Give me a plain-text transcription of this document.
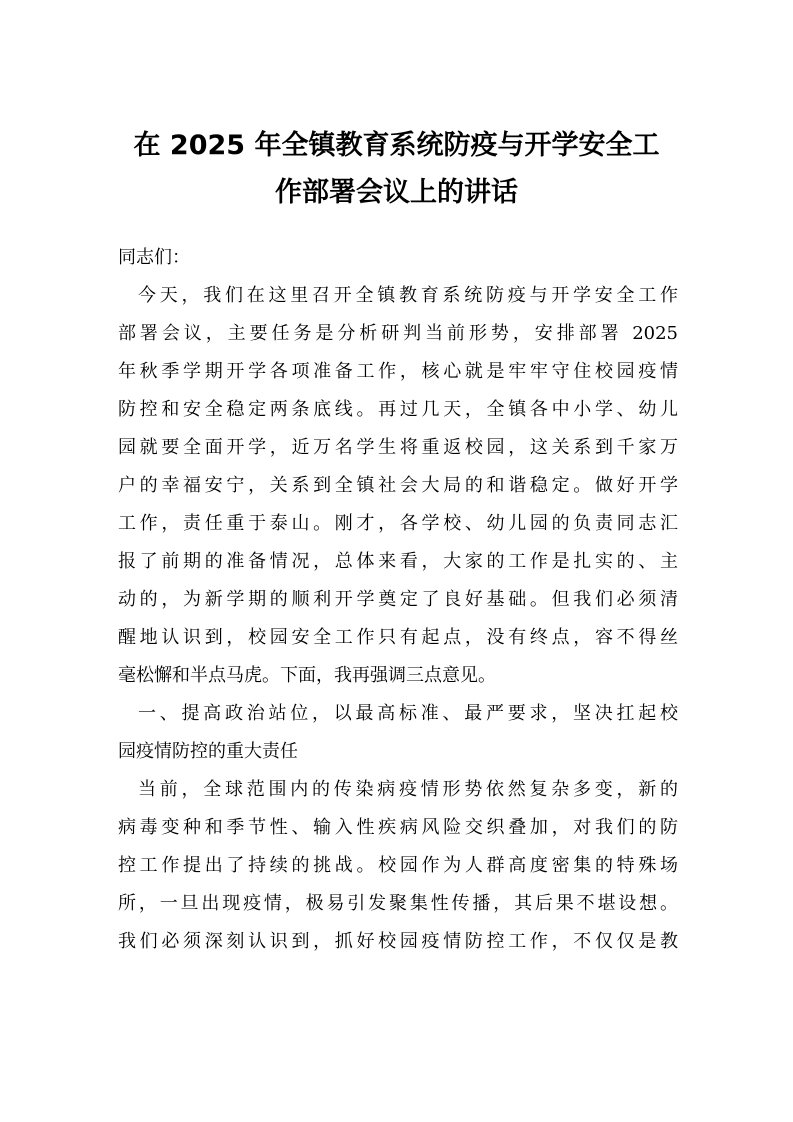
在 2025 年全镇教育系统防疫与开学安全工
作部署会议上的讲话
同志们：
今天，我们在这里召开全镇教育系统防疫与开学安全工作
部署会议，主要任务是分析研判当前形势，安排部署 2025
年秋季学期开学各项准备工作，核心就是牢牢守住校园疫情
防控和安全稳定两条底线。再过几天，全镇各中小学、幼儿
园就要全面开学，近万名学生将重返校园，这关系到千家万
户的幸福安宁，关系到全镇社会大局的和谐稳定。做好开学
工作，责任重于泰山。刚才，各学校、幼儿园的负责同志汇
报了前期的准备情况，总体来看，大家的工作是扎实的、主
动的，为新学期的顺利开学奠定了良好基础。但我们必须清
醒地认识到，校园安全工作只有起点，没有终点，容不得丝
毫松懈和半点马虎。下面，我再强调三点意见。
一、提高政治站位，以最高标准、最严要求，坚决扛起校
园疫情防控的重大责任
当前，全球范围内的传染病疫情形势依然复杂多变，新的
病毒变种和季节性、输入性疾病风险交织叠加，对我们的防
控工作提出了持续的挑战。校园作为人群高度密集的特殊场
所，一旦出现疫情，极易引发聚集性传播，其后果不堪设想。
我们必须深刻认识到，抓好校园疫情防控工作，不仅仅是教
